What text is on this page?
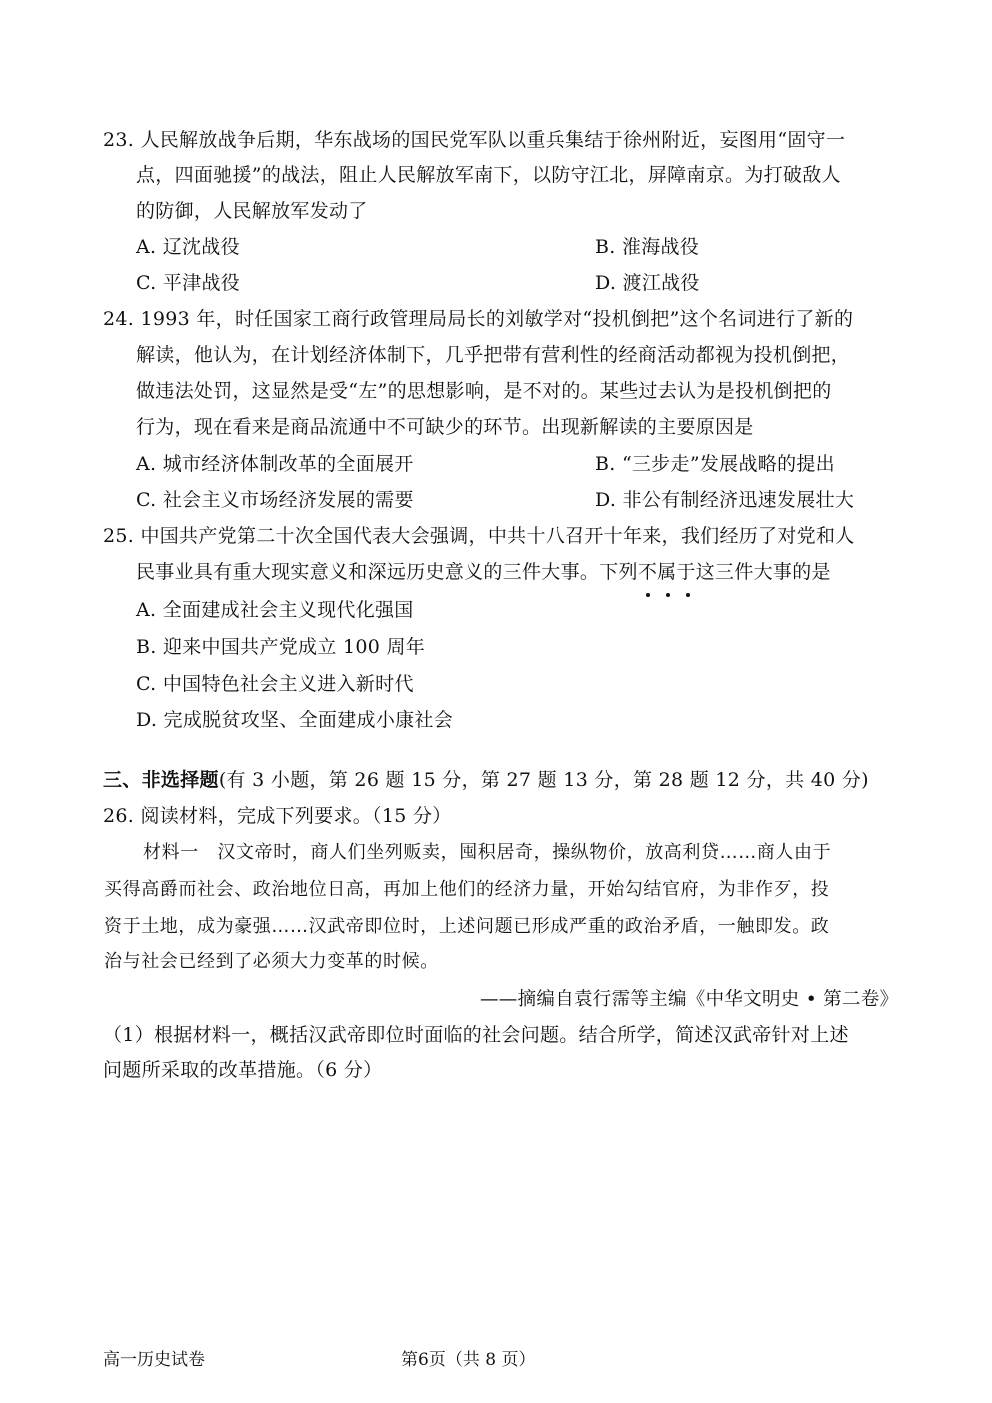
23. 人民解放战争后期，华东战场的国民党军队以重兵集结于徐州附近，妄图用“固守一
点，四面驰援”的战法，阻止人民解放军南下，以防守江北，屏障南京。为打破敌人
的防御，人民解放军发动了
A. 辽沈战役	B. 淮海战役
C. 平津战役	D. 渡江战役
24. 1993 年，时任国家工商行政管理局局长的刘敏学对“投机倒把”这个名词进行了新的
解读，他认为，在计划经济体制下，几乎把带有营利性的经商活动都视为投机倒把，
做违法处罚，这显然是受“左”的思想影响，是不对的。某些过去认为是投机倒把的
行为，现在看来是商品流通中不可缺少的环节。出现新解读的主要原因是
A. 城市经济体制改革的全面展开	B. “三步走”发展战略的提出
C. 社会主义市场经济发展的需要	D. 非公有制经济迅速发展壮大
25. 中国共产党第二十次全国代表大会强调，中共十八召开十年来，我们经历了对党和人
民事业具有重大现实意义和深远历史意义的三件大事。下列不属于
这三件大事的是
A. 全面建成社会主义现代化强国
B. 迎来中国共产党成立 100 周年
C. 中国特色社会主义进入新时代
D. 完成脱贫攻坚、全面建成小康社会
三、非选择题(有 3 小题，第 26 题 15 分，第 27 题 13 分，第 28 题 12 分，共 40 分)
26. 阅读材料，完成下列要求。（15 分）
材料一　汉文帝时，商人们坐列贩卖，囤积居奇，操纵物价，放高利贷……商人由于
买得高爵而社会、政治地位日高，再加上他们的经济力量，开始勾结官府，为非作歹，投
资于土地，成为豪强……汉武帝即位时，上述问题已形成严重的政治矛盾，一触即发。政
治与社会已经到了必须大力变革的时候。
——摘编自袁行霈等主编《中华文明史 • 第二卷》
（1）根据材料一，概括汉武帝即位时面临的社会问题。结合所学，简述汉武帝针对上述
问题所采取的改革措施。（6 分）
高一历史试卷	第6页（共 8 页）
